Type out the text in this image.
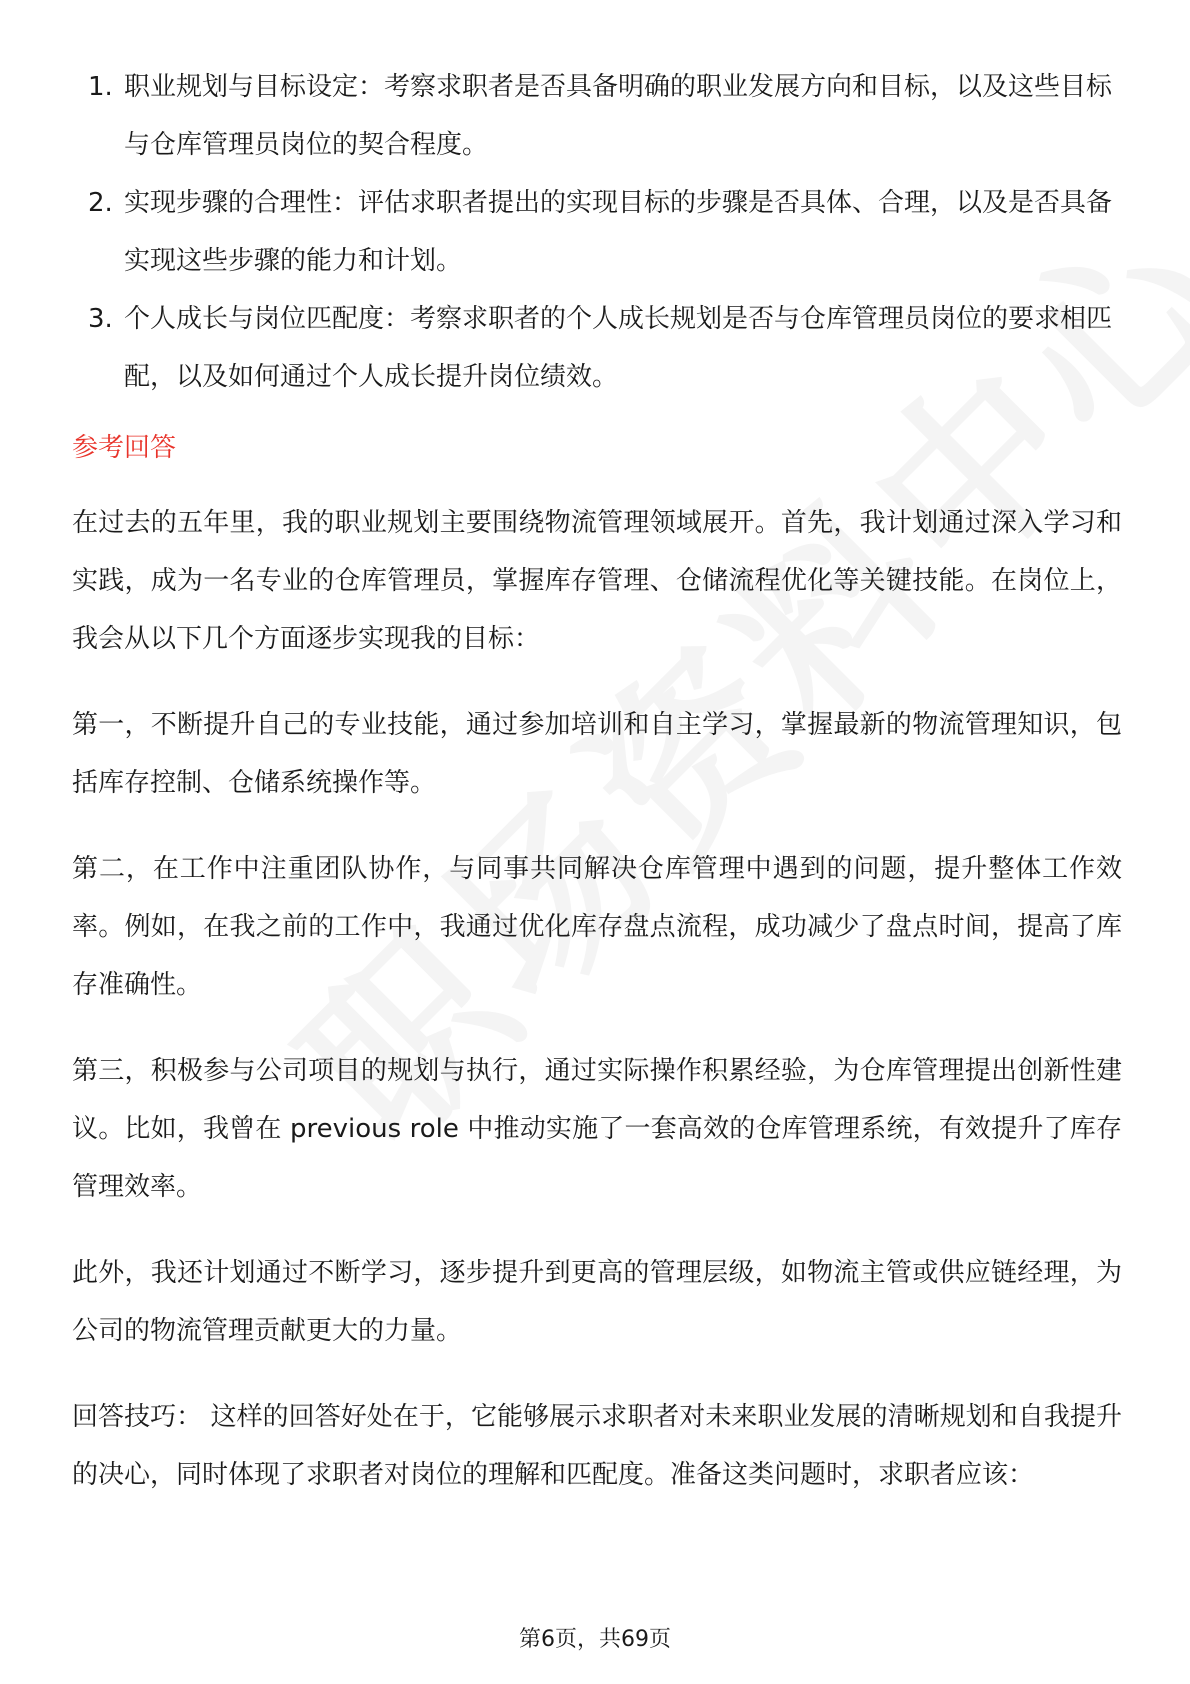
1. 职业规划与目标设定：考察求职者是否具备明确的职业发展方向和目标，以及这些目标与仓库管理员岗位的契合程度。
2. 实现步骤的合理性：评估求职者提出的实现目标的步骤是否具体、合理，以及是否具备实现这些步骤的能力和计划。
3. 个人成长与岗位匹配度：考察求职者的个人成长规划是否与仓库管理员岗位的要求相匹配，以及如何通过个人成长提升岗位绩效。
参考回答

在过去的五年里，我的职业规划主要围绕物流管理领域展开。首先，我计划通过深入学习和实践，成为一名专业的仓库管理员，掌握库存管理、仓储流程优化等关键技能。在岗位上，我会从以下几个方面逐步实现我的目标：

第一，不断提升自己的专业技能，通过参加培训和自主学习，掌握最新的物流管理知识，包括库存控制、仓储系统操作等。

第二，在工作中注重团队协作，与同事共同解决仓库管理中遇到的问题，提升整体工作效率。例如，在我之前的工作中，我通过优化库存盘点流程，成功减少了盘点时间，提高了库存准确性。

第三，积极参与公司项目的规划与执行，通过实际操作积累经验，为仓库管理提出创新性建议。比如，我曾在 previous role 中推动实施了一套高效的仓库管理系统，有效提升了库存管理效率。

此外，我还计划通过不断学习，逐步提升到更高的管理层级，如物流主管或供应链经理，为公司的物流管理贡献更大的力量。

回答技巧： 这样的回答好处在于，它能够展示求职者对未来职业发展的清晰规划和自我提升的决心，同时体现了求职者对岗位的理解和匹配度。准备这类问题时，求职者应该：

第6页，共69页
